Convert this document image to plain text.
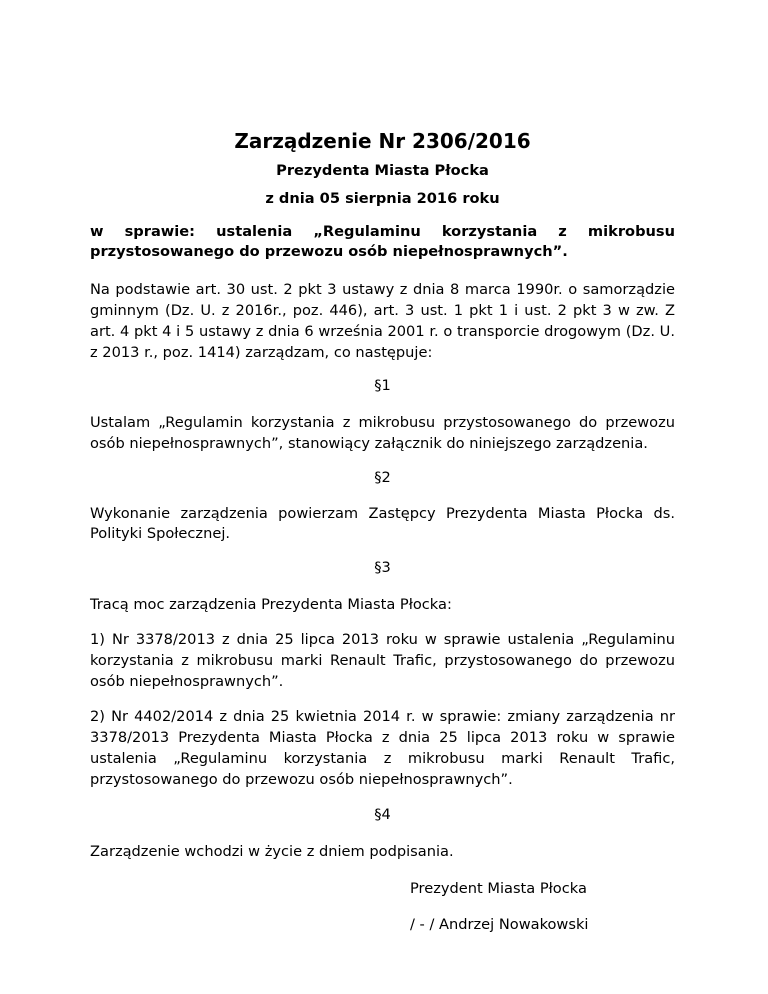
Zarządzenie Nr 2306/2016
Prezydenta Miasta Płocka
z dnia 05 sierpnia 2016 roku
w sprawie: ustalenia „Regulaminu korzystania z mikrobusu
przystosowanego do przewozu osób niepełnosprawnych”.

Na podstawie art. 30 ust. 2 pkt 3 ustawy z dnia 8 marca 1990r. o samorządzie gminnym (Dz. U. z 2016r., poz. 446), art. 3 ust. 1 pkt 1 i ust. 2 pkt 3 w zw. Z art. 4 pkt 4 i 5 ustawy z dnia 6 września 2001 r. o transporcie drogowym (Dz. U. z 2013 r., poz. 1414) zarządzam, co następuje:

§1

Ustalam „Regulamin korzystania z mikrobusu przystosowanego do przewozu osób niepełnosprawnych”, stanowiący załącznik do niniejszego zarządzenia.

§2

Wykonanie zarządzenia powierzam Zastępcy Prezydenta Miasta Płocka ds. Polityki Społecznej.

§3

Tracą moc zarządzenia Prezydenta Miasta Płocka:

1) Nr 3378/2013 z dnia 25 lipca 2013 roku w sprawie ustalenia „Regulaminu korzystania z mikrobusu marki Renault Trafic, przystosowanego do przewozu osób niepełnosprawnych”.

2) Nr 4402/2014 z dnia 25 kwietnia 2014 r. w sprawie: zmiany zarządzenia nr 3378/2013 Prezydenta Miasta Płocka z dnia 25 lipca 2013 roku w sprawie ustalenia „Regulaminu korzystania z mikrobusu marki Renault Trafic, przystosowanego do przewozu osób niepełnosprawnych”.

§4

Zarządzenie wchodzi w życie z dniem podpisania.

Prezydent Miasta Płocka
/ - / Andrzej Nowakowski
